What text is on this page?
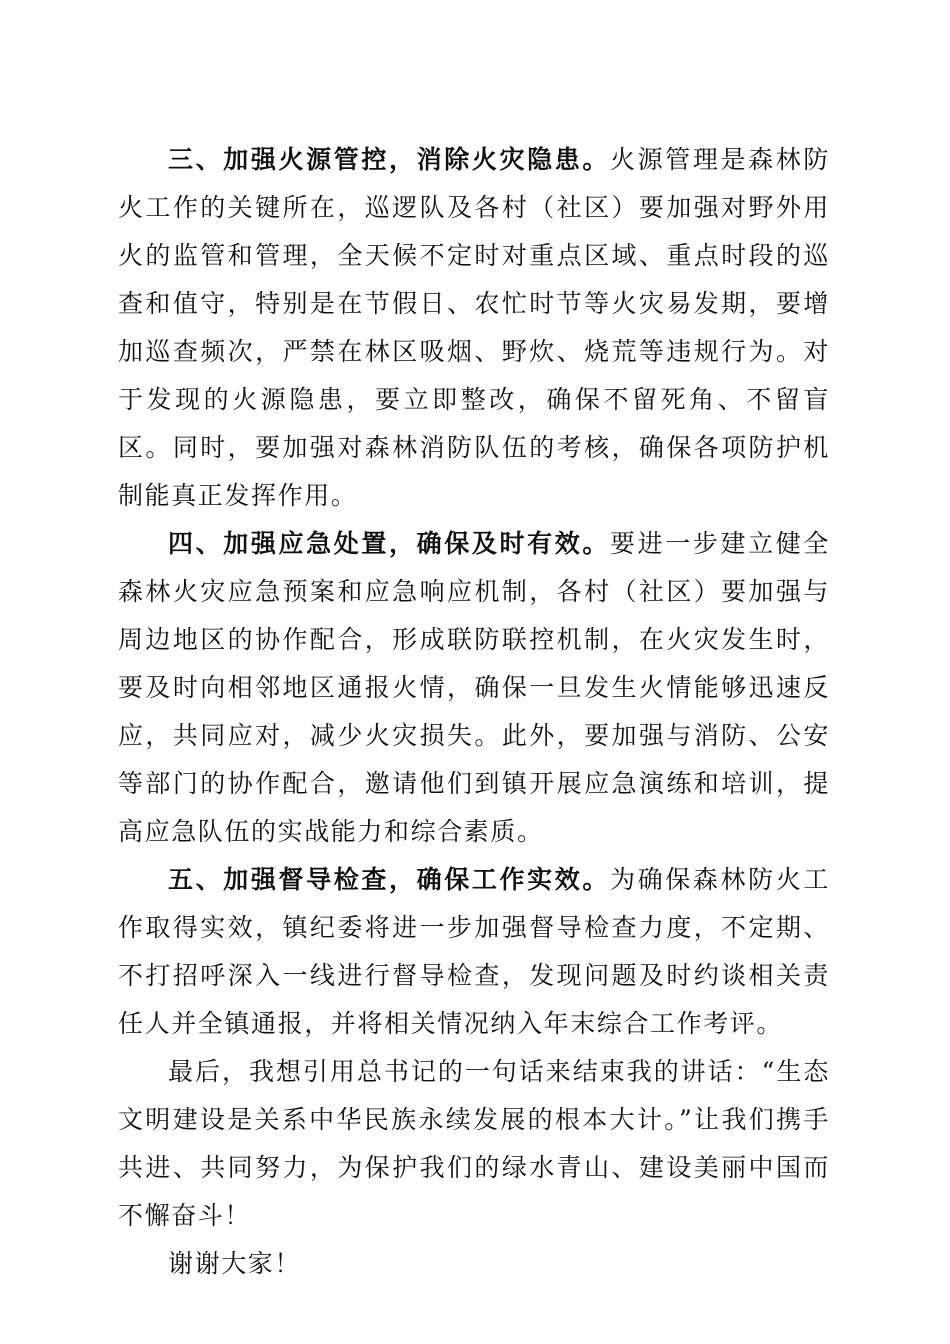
三、加强火源管控，消除火灾隐患。火源管理是森林防火工作的关键所在，巡逻队及各村（社区）要加强对野外用火的监管和管理，全天候不定时对重点区域、重点时段的巡查和值守，特别是在节假日、农忙时节等火灾易发期，要增加巡查频次，严禁在林区吸烟、野炊、烧荒等违规行为。对于发现的火源隐患，要立即整改，确保不留死角、不留盲区。同时，要加强对森林消防队伍的考核，确保各项防护机制能真正发挥作用。

四、加强应急处置，确保及时有效。要进一步建立健全森林火灾应急预案和应急响应机制，各村（社区）要加强与周边地区的协作配合，形成联防联控机制，在火灾发生时，要及时向相邻地区通报火情，确保一旦发生火情能够迅速反应，共同应对，减少火灾损失。此外，要加强与消防、公安等部门的协作配合，邀请他们到镇开展应急演练和培训，提高应急队伍的实战能力和综合素质。

五、加强督导检查，确保工作实效。为确保森林防火工作取得实效，镇纪委将进一步加强督导检查力度，不定期、不打招呼深入一线进行督导检查，发现问题及时约谈相关责任人并全镇通报，并将相关情况纳入年末综合工作考评。

最后，我想引用总书记的一句话来结束我的讲话：“生态文明建设是关系中华民族永续发展的根本大计。”让我们携手共进、共同努力，为保护我们的绿水青山、建设美丽中国而不懈奋斗！

谢谢大家！
